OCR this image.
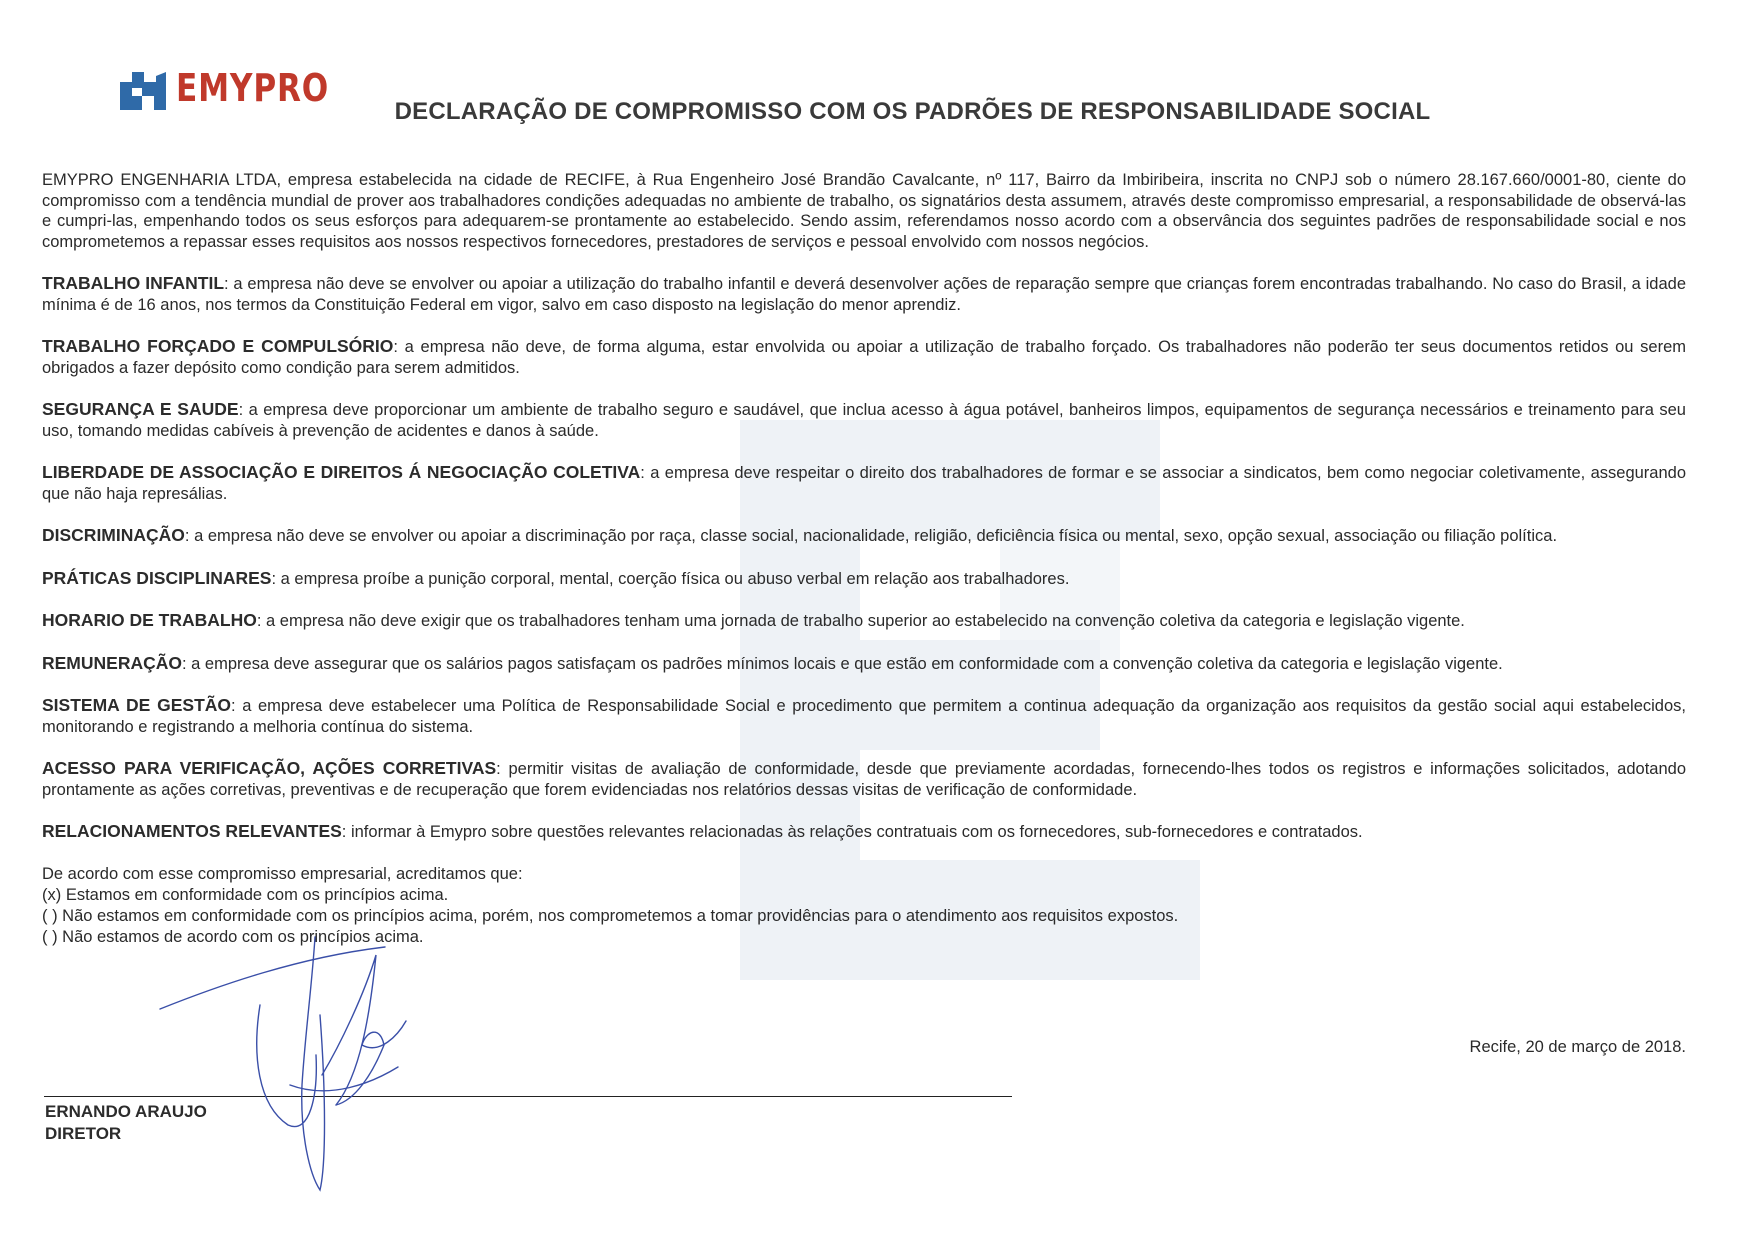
EMYPRO
DECLARAÇÃO DE COMPROMISSO COM OS PADRÕES DE RESPONSABILIDADE SOCIAL

EMYPRO ENGENHARIA LTDA, empresa estabelecida na cidade de RECIFE, à Rua Engenheiro José Brandão Cavalcante, nº 117, Bairro da Imbiribeira, inscrita no CNPJ sob o número 28.167.660/0001-80, ciente do compromisso com a tendência mundial de prover aos trabalhadores condições adequadas no ambiente de trabalho, os signatários desta assumem, através deste compromisso empresarial, a responsabilidade de observá-las e cumpri-las, empenhando todos os seus esforços para adequarem-se prontamente ao estabelecido. Sendo assim, referendamos nosso acordo com a observância dos seguintes padrões de responsabilidade social e nos comprometemos a repassar esses requisitos aos nossos respectivos fornecedores, prestadores de serviços e pessoal envolvido com nossos negócios.

TRABALHO INFANTIL: a empresa não deve se envolver ou apoiar a utilização do trabalho infantil e deverá desenvolver ações de reparação sempre que crianças forem encontradas trabalhando. No caso do Brasil, a idade mínima é de 16 anos, nos termos da Constituição Federal em vigor, salvo em caso disposto na legislação do menor aprendiz.

TRABALHO FORÇADO E COMPULSÓRIO: a empresa não deve, de forma alguma, estar envolvida ou apoiar a utilização de trabalho forçado. Os trabalhadores não poderão ter seus documentos retidos ou serem obrigados a fazer depósito como condição para serem admitidos.

SEGURANÇA E SAUDE: a empresa deve proporcionar um ambiente de trabalho seguro e saudável, que inclua acesso à água potável, banheiros limpos, equipamentos de segurança necessários e treinamento para seu uso, tomando medidas cabíveis à prevenção de acidentes e danos à saúde.

LIBERDADE DE ASSOCIAÇÃO E DIREITOS Á NEGOCIAÇÃO COLETIVA: a empresa deve respeitar o direito dos trabalhadores de formar e se associar a sindicatos, bem como negociar coletivamente, assegurando que não haja represálias.

DISCRIMINAÇÃO: a empresa não deve se envolver ou apoiar a discriminação por raça, classe social, nacionalidade, religião, deficiência física ou mental, sexo, opção sexual, associação ou filiação política.

PRÁTICAS DISCIPLINARES: a empresa proíbe a punição corporal, mental, coerção física ou abuso verbal em relação aos trabalhadores.

HORARIO DE TRABALHO: a empresa não deve exigir que os trabalhadores tenham uma jornada de trabalho superior ao estabelecido na convenção coletiva da categoria e legislação vigente.

REMUNERAÇÃO: a empresa deve assegurar que os salários pagos satisfaçam os padrões mínimos locais e que estão em conformidade com a convenção coletiva da categoria e legislação vigente.

SISTEMA DE GESTÃO: a empresa deve estabelecer uma Política de Responsabilidade Social e procedimento que permitem a continua adequação da organização aos requisitos da gestão social aqui estabelecidos, monitorando e registrando a melhoria contínua do sistema.

ACESSO PARA VERIFICAÇÃO, AÇÕES CORRETIVAS: permitir visitas de avaliação de conformidade, desde que previamente acordadas, fornecendo-lhes todos os registros e informações solicitados, adotando prontamente as ações corretivas, preventivas e de recuperação que forem evidenciadas nos relatórios dessas visitas de verificação de conformidade.

RELACIONAMENTOS RELEVANTES: informar à Emypro sobre questões relevantes relacionadas às relações contratuais com os fornecedores, sub-fornecedores e contratados.

De acordo com esse compromisso empresarial, acreditamos que:
(x) Estamos em conformidade com os princípios acima.
( ) Não estamos em conformidade com os princípios acima, porém, nos comprometemos a tomar providências para o atendimento aos requisitos expostos.
( ) Não estamos de acordo com os princípios acima.
Recife, 20 de março de 2018.
ERNANDO ARAUJO
DIRETOR
